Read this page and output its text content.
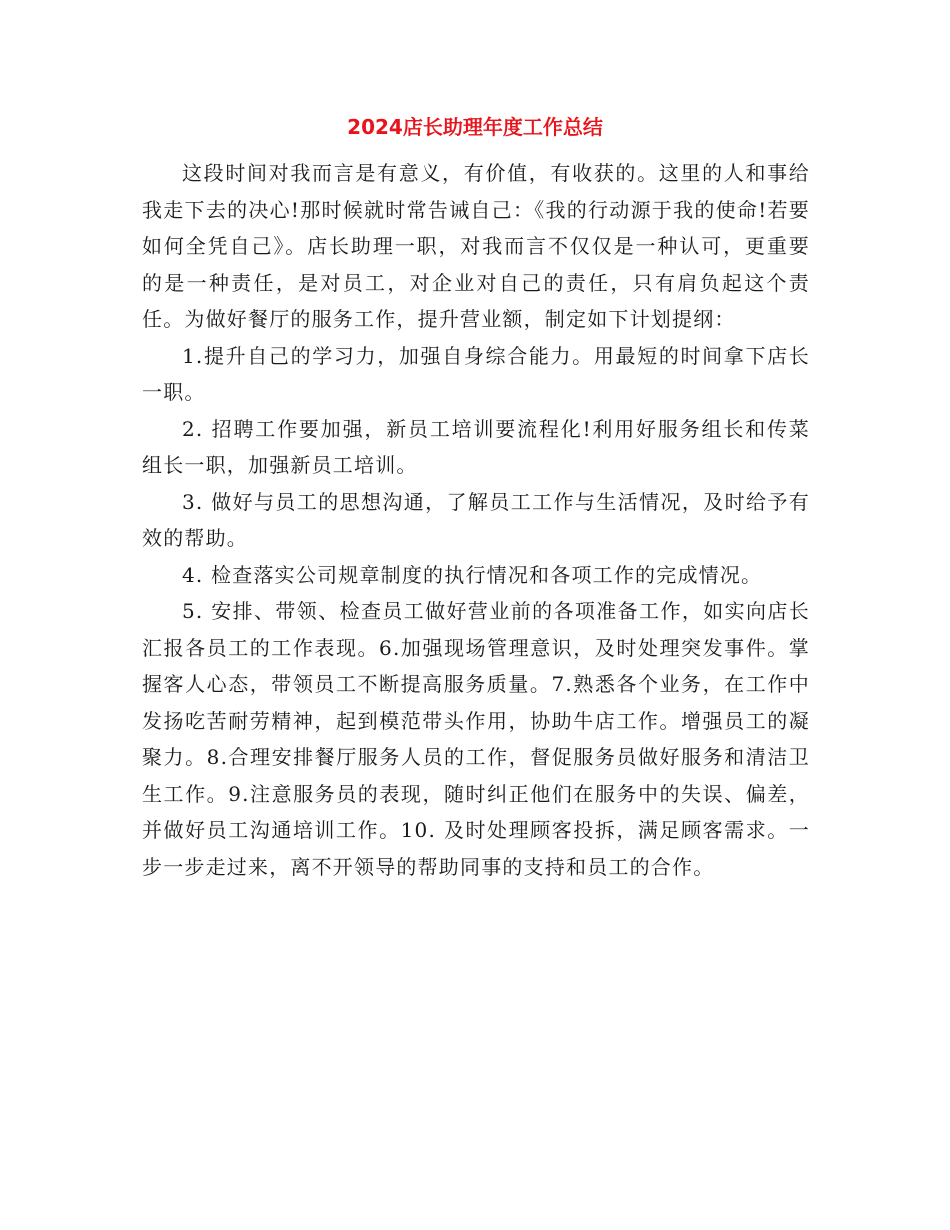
2024店长助理年度工作总结

这段时间对我而言是有意义，有价值，有收获的。这里的人和事给我走下去的决心!那时候就时常告诫自己：《我的行动源于我的使命!若要如何全凭自己》。店长助理一职，对我而言不仅仅是一种认可，更重要的是一种责任，是对员工，对企业对自己的责任，只有肩负起这个责任。为做好餐厅的服务工作，提升营业额，制定如下计划提纲：

1.提升自己的学习力，加强自身综合能力。用最短的时间拿下店长一职。

2. 招聘工作要加强，新员工培训要流程化!利用好服务组长和传菜组长一职，加强新员工培训。

3. 做好与员工的思想沟通，了解员工工作与生活情况，及时给予有效的帮助。

4. 检查落实公司规章制度的执行情况和各项工作的完成情况。

5. 安排、带领、检查员工做好营业前的各项准备工作，如实向店长汇报各员工的工作表现。6.加强现场管理意识，及时处理突发事件。掌握客人心态，带领员工不断提高服务质量。7.熟悉各个业务，在工作中发扬吃苦耐劳精神，起到模范带头作用，协助牛店工作。增强员工的凝聚力。8.合理安排餐厅服务人员的工作，督促服务员做好服务和清洁卫生工作。9.注意服务员的表现，随时纠正他们在服务中的失误、偏差，并做好员工沟通培训工作。10. 及时处理顾客投拆，满足顾客需求。一步一步走过来，离不开领导的帮助同事的支持和员工的合作。
